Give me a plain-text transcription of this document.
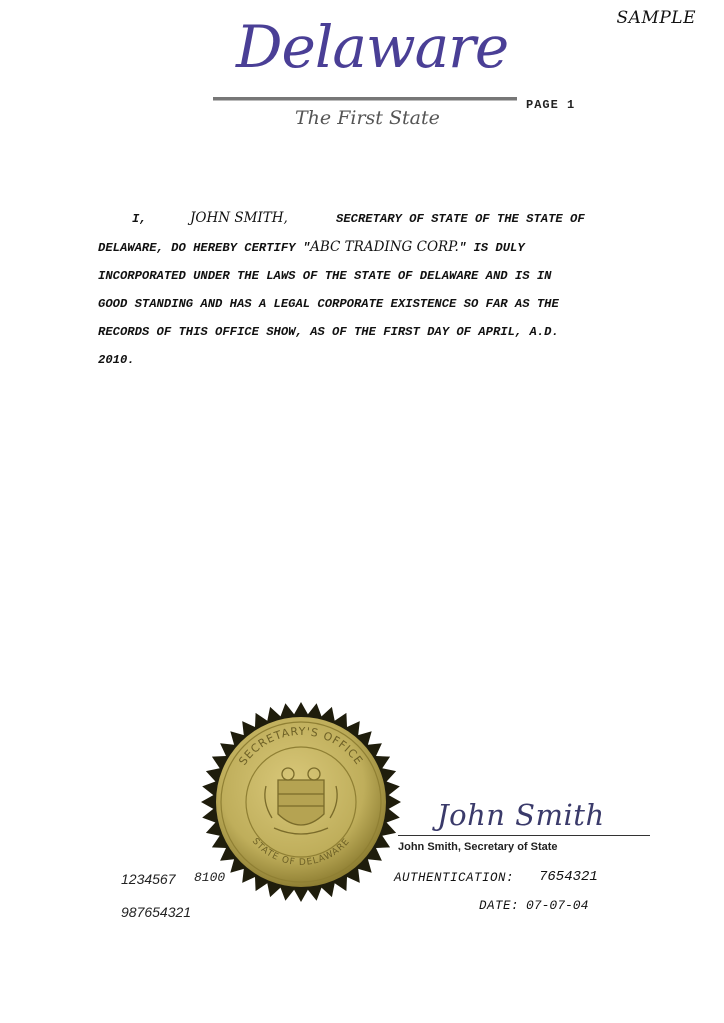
SAMPLE
Delaware
The First State
PAGE 1
I,	JOHN SMITH,	SECRETARY OF STATE OF THE STATE OF
DELAWARE, DO HEREBY CERTIFY "ABC TRADING CORP." IS DULY
INCORPORATED UNDER THE LAWS OF THE STATE OF DELAWARE AND IS IN
GOOD STANDING AND HAS A LEGAL CORPORATE EXISTENCE SO FAR AS THE
RECORDS OF THIS OFFICE SHOW, AS OF THE FIRST DAY OF APRIL, A.D.
2010.
SECRETARY'S OFFICE
STATE OF DELAWARE
John Smith
John Smith, Secretary of State
1234567 8100
987654321
AUTHENTICATION: 7654321
DATE: 07-07-04
